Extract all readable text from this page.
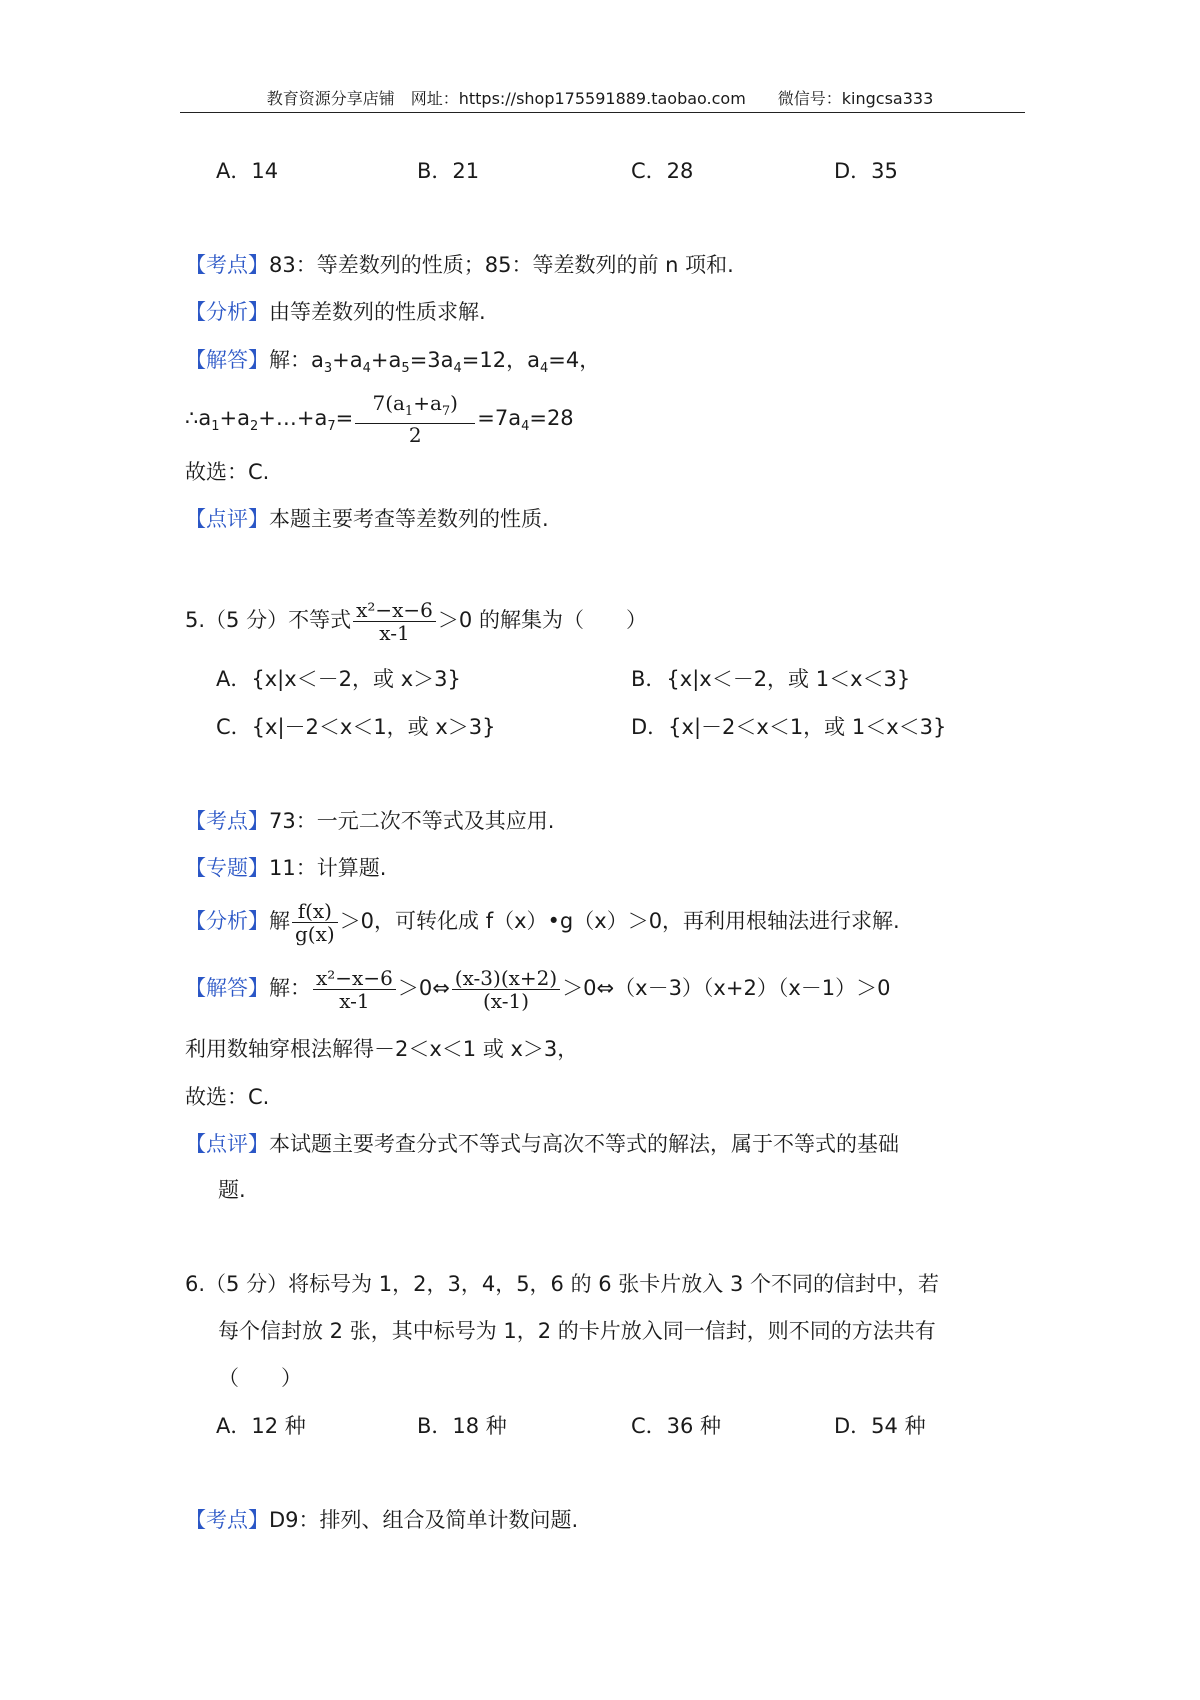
教育资源分享店铺　网址：https://shop175591889.taobao.com　　微信号：kingcsa333
A．14	B．21	C．28	D．35
【考点】83：等差数列的性质；85：等差数列的前 n 项和.
【分析】由等差数列的性质求解.
【解答】解：$a_3+a_4+a_5=3a_4=12$，$a_4=4$，
$\therefore a_1+a_2+\dots+a_7= \frac{7(a_1+a_7)}{2} =7a_4=28$
故选：C.
【点评】本题主要考查等差数列的性质.
5.（5 分）不等式 $\frac{\text{x²−x−6}}{x-1} >0$ 的解集为（　　）
A．{x|x＜－2，或 x＞3}	B．{x|x＜－2，或 1＜x＜3}
C．{x|－2＜x＜1，或 x＞3}	D．{x|－2＜x＜1，或 1＜x＜3}
【考点】73：一元二次不等式及其应用.
【专题】11：计算题.
【分析】解 $\frac{f(x)}{g(x)} >0$，可转化成 f（x）•g（x）＞0，再利用根轴法进行求解.
【解答】解： $\frac{\text{x²−x−6}}{x-1}$ ＞0⇔ $\frac{(x-3)(x+2)}{(x-1)}$ ＞0⇔（x－3）（x+2）（x－1）＞0
利用数轴穿根法解得－2＜x＜1 或 x＞3，
故选：C.
【点评】本试题主要考查分式不等式与高次不等式的解法，属于不等式的基础
题.
6.（5 分）将标号为 1，2，3，4，5，6 的 6 张卡片放入 3 个不同的信封中，若
每个信封放 2 张，其中标号为 1，2 的卡片放入同一信封，则不同的方法共有
（　　）
A．12 种	B．18 种	C．36 种	D．54 种
【考点】D9：排列、组合及简单计数问题.
